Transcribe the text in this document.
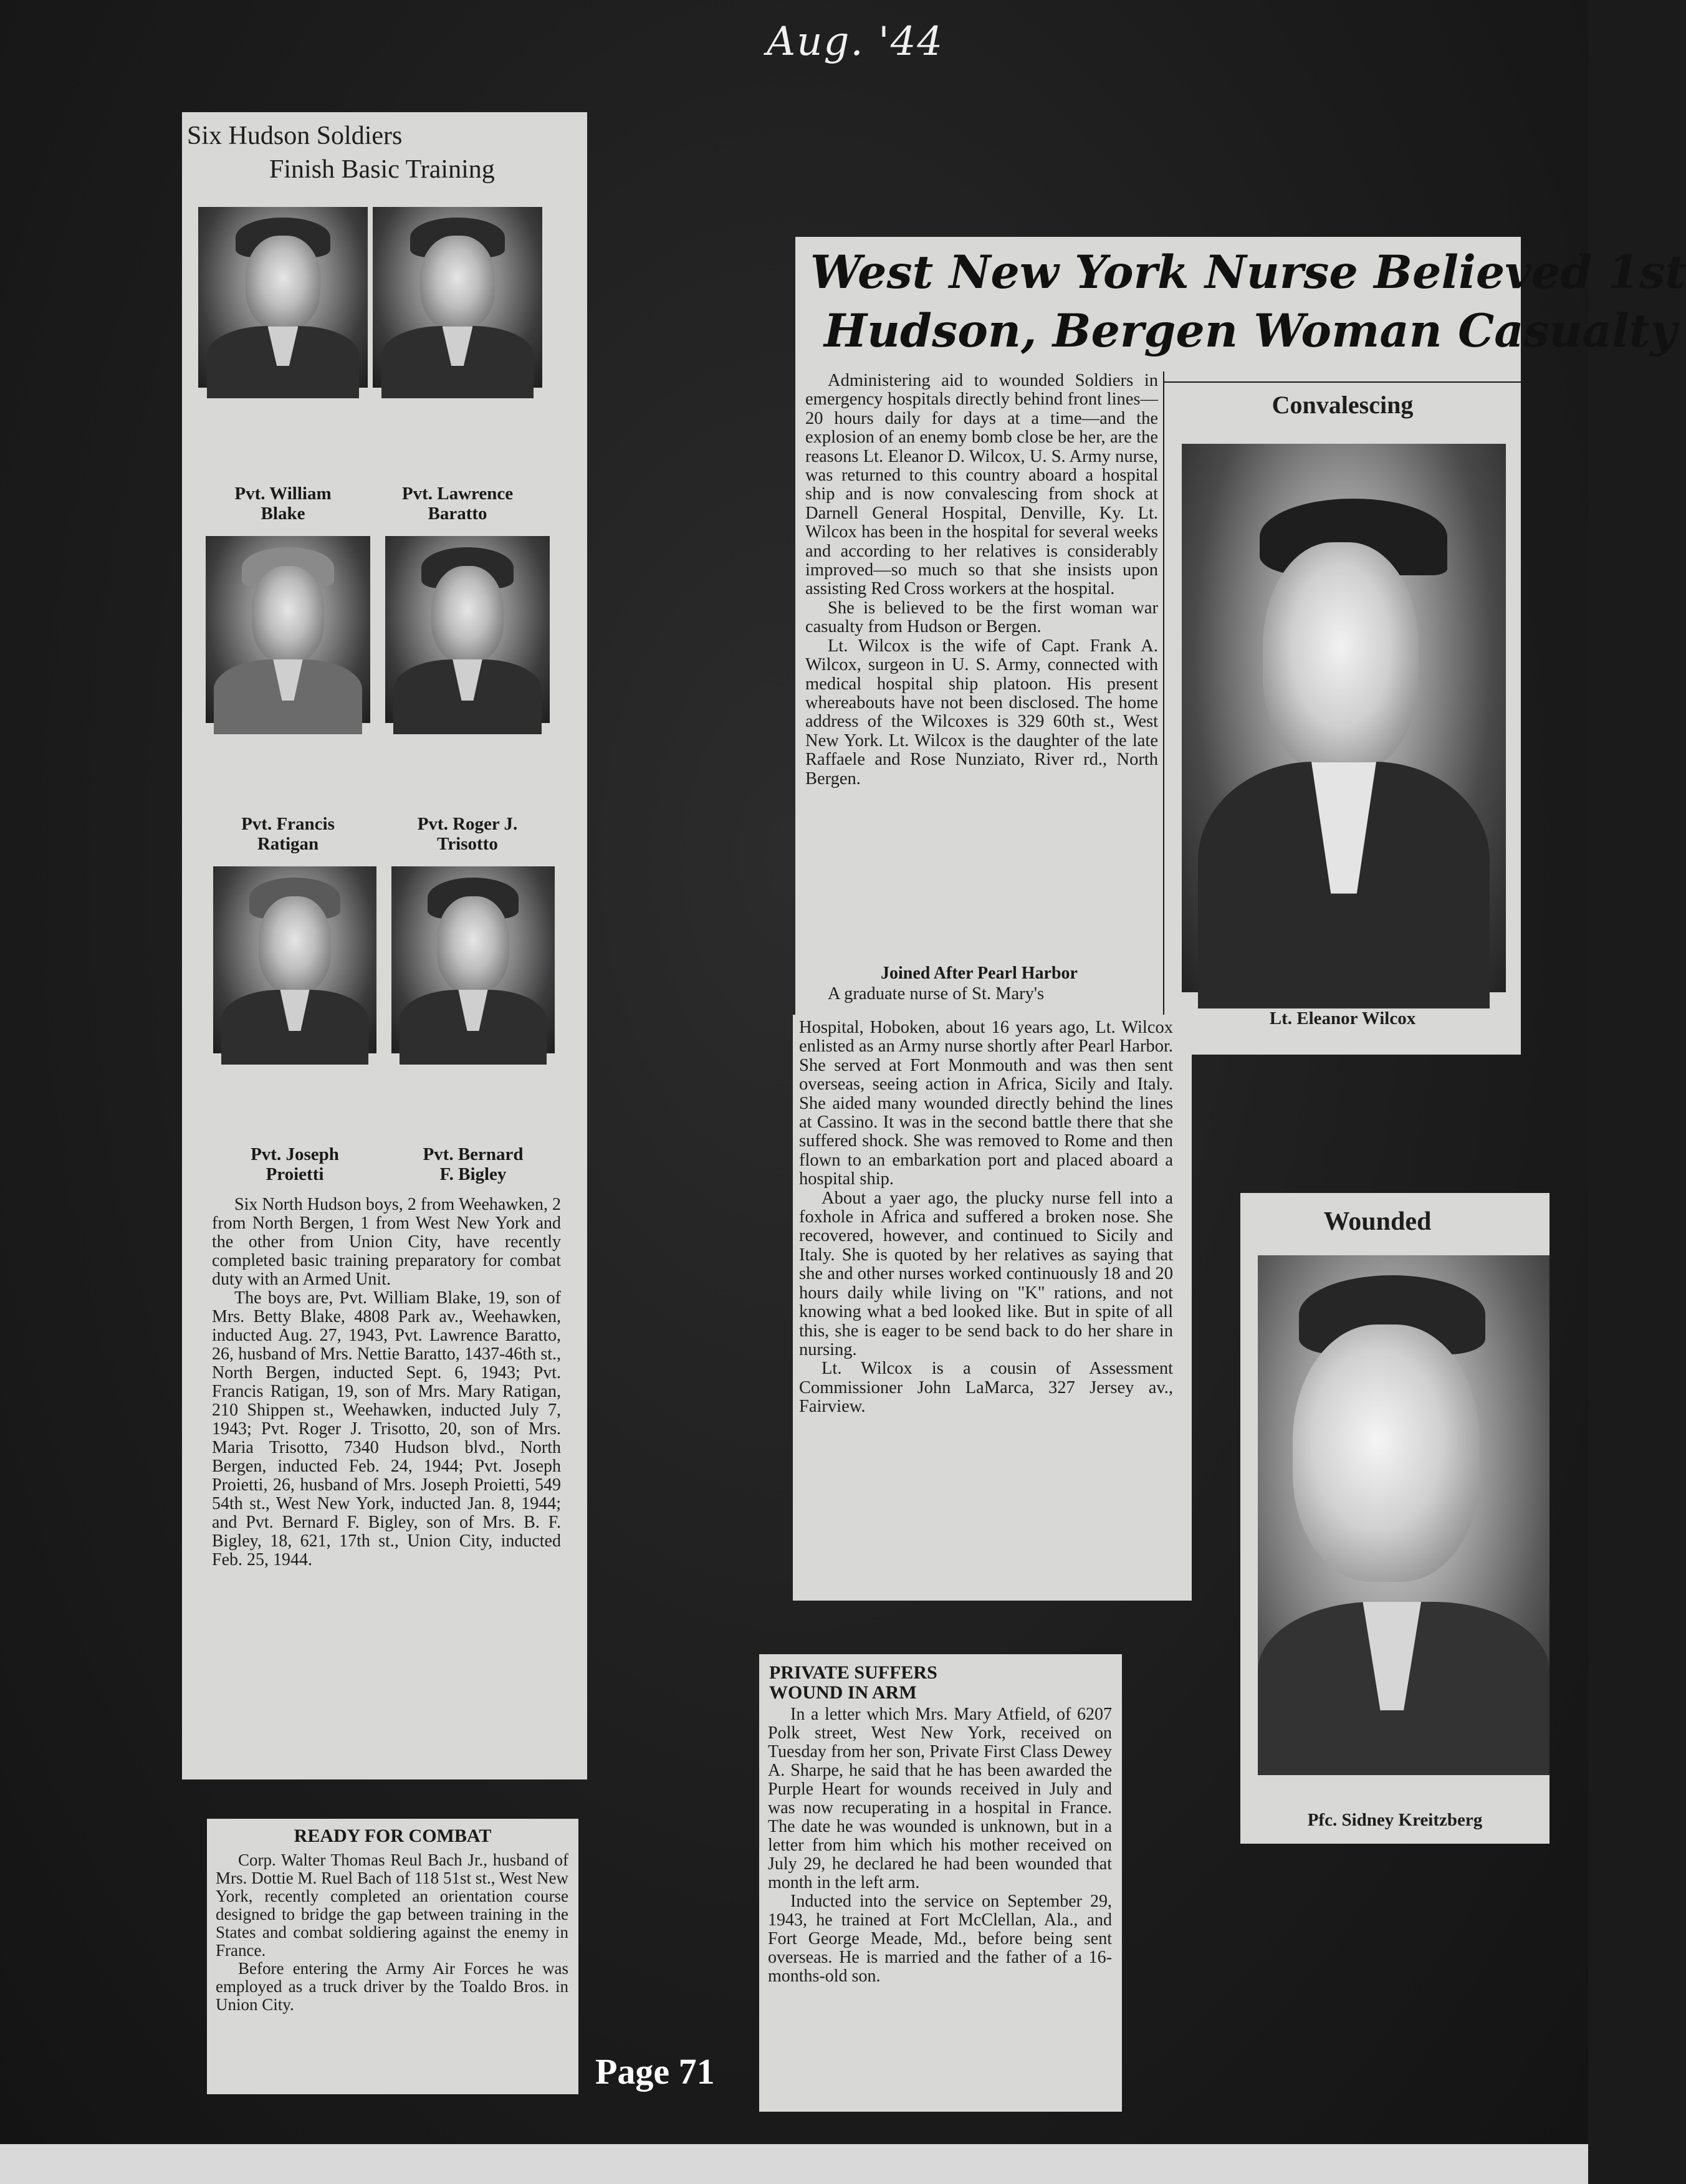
Aug. '44
Six Hudson Soldiers
Finish Basic Training
Pvt. William
Blake
Pvt. Lawrence
Baratto
Pvt. Francis
Ratigan
Pvt. Roger J.
Trisotto
Pvt. Joseph
Proietti
Pvt. Bernard
F. Bigley

Six North Hudson boys, 2 from Weehawken, 2 from North Bergen, 1 from West New York and the other from Union City, have recently completed basic training preparatory for combat duty with an Armed Unit.

The boys are, Pvt. William Blake, 19, son of Mrs. Betty Blake, 4808 Park av., Weehawken, inducted Aug. 27, 1943, Pvt. Lawrence Baratto, 26, husband of Mrs. Nettie Baratto, 1437-46th st., North Bergen, inducted Sept. 6, 1943; Pvt. Francis Ratigan, 19, son of Mrs. Mary Ratigan, 210 Shippen st., Weehawken, inducted July 7, 1943; Pvt. Roger J. Trisotto, 20, son of Mrs. Maria Trisotto, 7340 Hudson blvd., North Bergen, inducted Feb. 24, 1944; Pvt. Joseph Proietti, 26, husband of Mrs. Joseph Proietti, 549 54th st., West New York, inducted Jan. 8, 1944; and Pvt. Bernard F. Bigley, son of Mrs. B. F. Bigley, 18, 621, 17th st., Union City, inducted Feb. 25, 1944.

READY FOR COMBAT

Corp. Walter Thomas Reul Bach Jr., husband of Mrs. Dottie M. Ruel Bach of 118 51st st., West New York, recently completed an orientation course designed to bridge the gap between training in the States and combat soldiering against the enemy in France.

Before entering the Army Air Forces he was employed as a truck driver by the Toaldo Bros. in Union City.

West New York Nurse Believed 1st
Hudson, Bergen Woman Casualty

Administering aid to wounded Soldiers in emergency hospitals directly behind front lines—20 hours daily for days at a time—and the explosion of an enemy bomb close be her, are the reasons Lt. Eleanor D. Wilcox, U. S. Army nurse, was returned to this country aboard a hospital ship and is now convalescing from shock at Darnell General Hospital, Denville, Ky. Lt. Wilcox has been in the hospital for several weeks and according to her relatives is considerably improved—so much so that she insists upon assisting Red Cross workers at the hospital.

She is believed to be the first woman war casualty from Hudson or Bergen.

Lt. Wilcox is the wife of Capt. Frank A. Wilcox, surgeon in U. S. Army, connected with medical hospital ship platoon. His present whereabouts have not been disclosed. The home address of the Wilcoxes is 329 60th st., West New York. Lt. Wilcox is the daughter of the late Raffaele and Rose Nunziato, River rd., North Bergen.

Joined After Pearl Harbor

A graduate nurse of St. Mary's

Convalescing
Lt. Eleanor Wilcox

Hospital, Hoboken, about 16 years ago, Lt. Wilcox enlisted as an Army nurse shortly after Pearl Harbor. She served at Fort Monmouth and was then sent overseas, seeing action in Africa, Sicily and Italy. She aided many wounded directly behind the lines at Cassino. It was in the second battle there that she suffered shock. She was removed to Rome and then flown to an embarkation port and placed aboard a hospital ship.

About a yaer ago, the plucky nurse fell into a foxhole in Africa and suffered a broken nose. She recovered, however, and continued to Sicily and Italy. She is quoted by her relatives as saying that she and other nurses worked continuously 18 and 20 hours daily while living on "K" rations, and not knowing what a bed looked like. But in spite of all this, she is eager to be send back to do her share in nursing.

Lt. Wilcox is a cousin of Assessment Commissioner John LaMarca, 327 Jersey av., Fairview.

Wounded
Pfc. Sidney Kreitzberg
PRIVATE SUFFERS
WOUND IN ARM

In a letter which Mrs. Mary Atfield, of 6207 Polk street, West New York, received on Tuesday from her son, Private First Class Dewey A. Sharpe, he said that he has been awarded the Purple Heart for wounds received in July and was now recuperating in a hospital in France. The date he was wounded is unknown, but in a letter from him which his mother received on July 29, he declared he had been wounded that month in the left arm.

Inducted into the service on September 29, 1943, he trained at Fort McClellan, Ala., and Fort George Meade, Md., before being sent overseas. He is married and the father of a 16-months-old son.

Page 71
